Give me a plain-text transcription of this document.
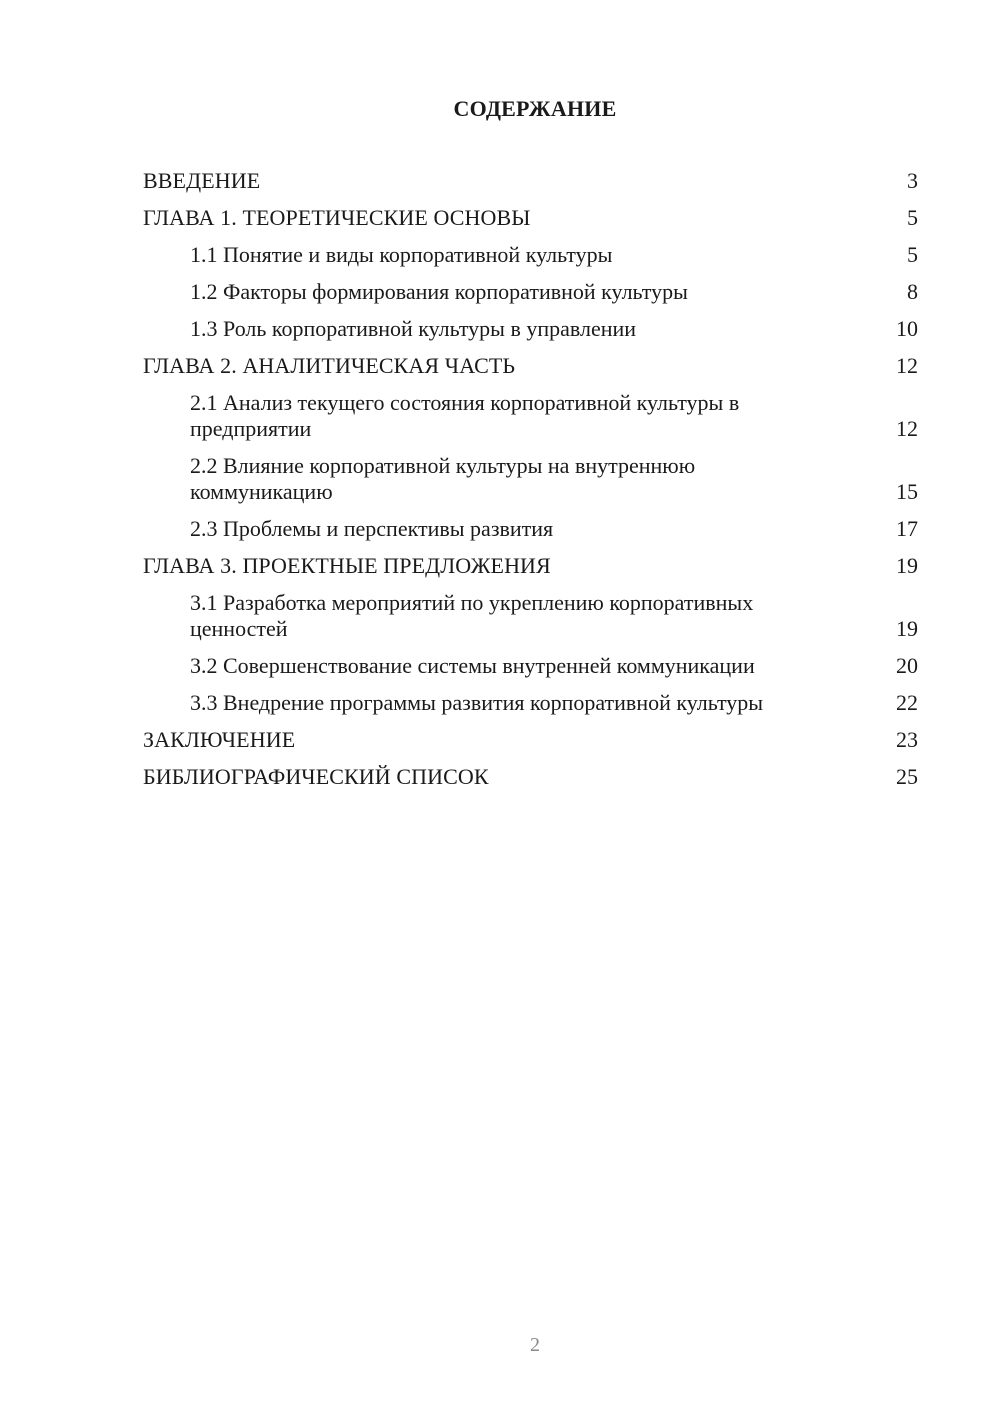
СОДЕРЖАНИЕ
ВВЕДЕНИЕ	3
ГЛАВА 1. ТЕОРЕТИЧЕСКИЕ ОСНОВЫ	5
1.1 Понятие и виды корпоративной культуры	5
1.2 Факторы формирования корпоративной культуры	8
1.3 Роль корпоративной культуры в управлении	10
ГЛАВА 2. АНАЛИТИЧЕСКАЯ ЧАСТЬ	12
2.1 Анализ текущего состояния корпоративной культуры в предприятии	12
2.2 Влияние корпоративной культуры на внутреннюю коммуникацию	15
2.3 Проблемы и перспективы развития	17
ГЛАВА 3. ПРОЕКТНЫЕ ПРЕДЛОЖЕНИЯ	19
3.1 Разработка мероприятий по укреплению корпоративных ценностей	19
3.2 Совершенствование системы внутренней коммуникации	20
3.3 Внедрение программы развития корпоративной культуры	22
ЗАКЛЮЧЕНИЕ	23
БИБЛИОГРАФИЧЕСКИЙ СПИСОК	25
2
